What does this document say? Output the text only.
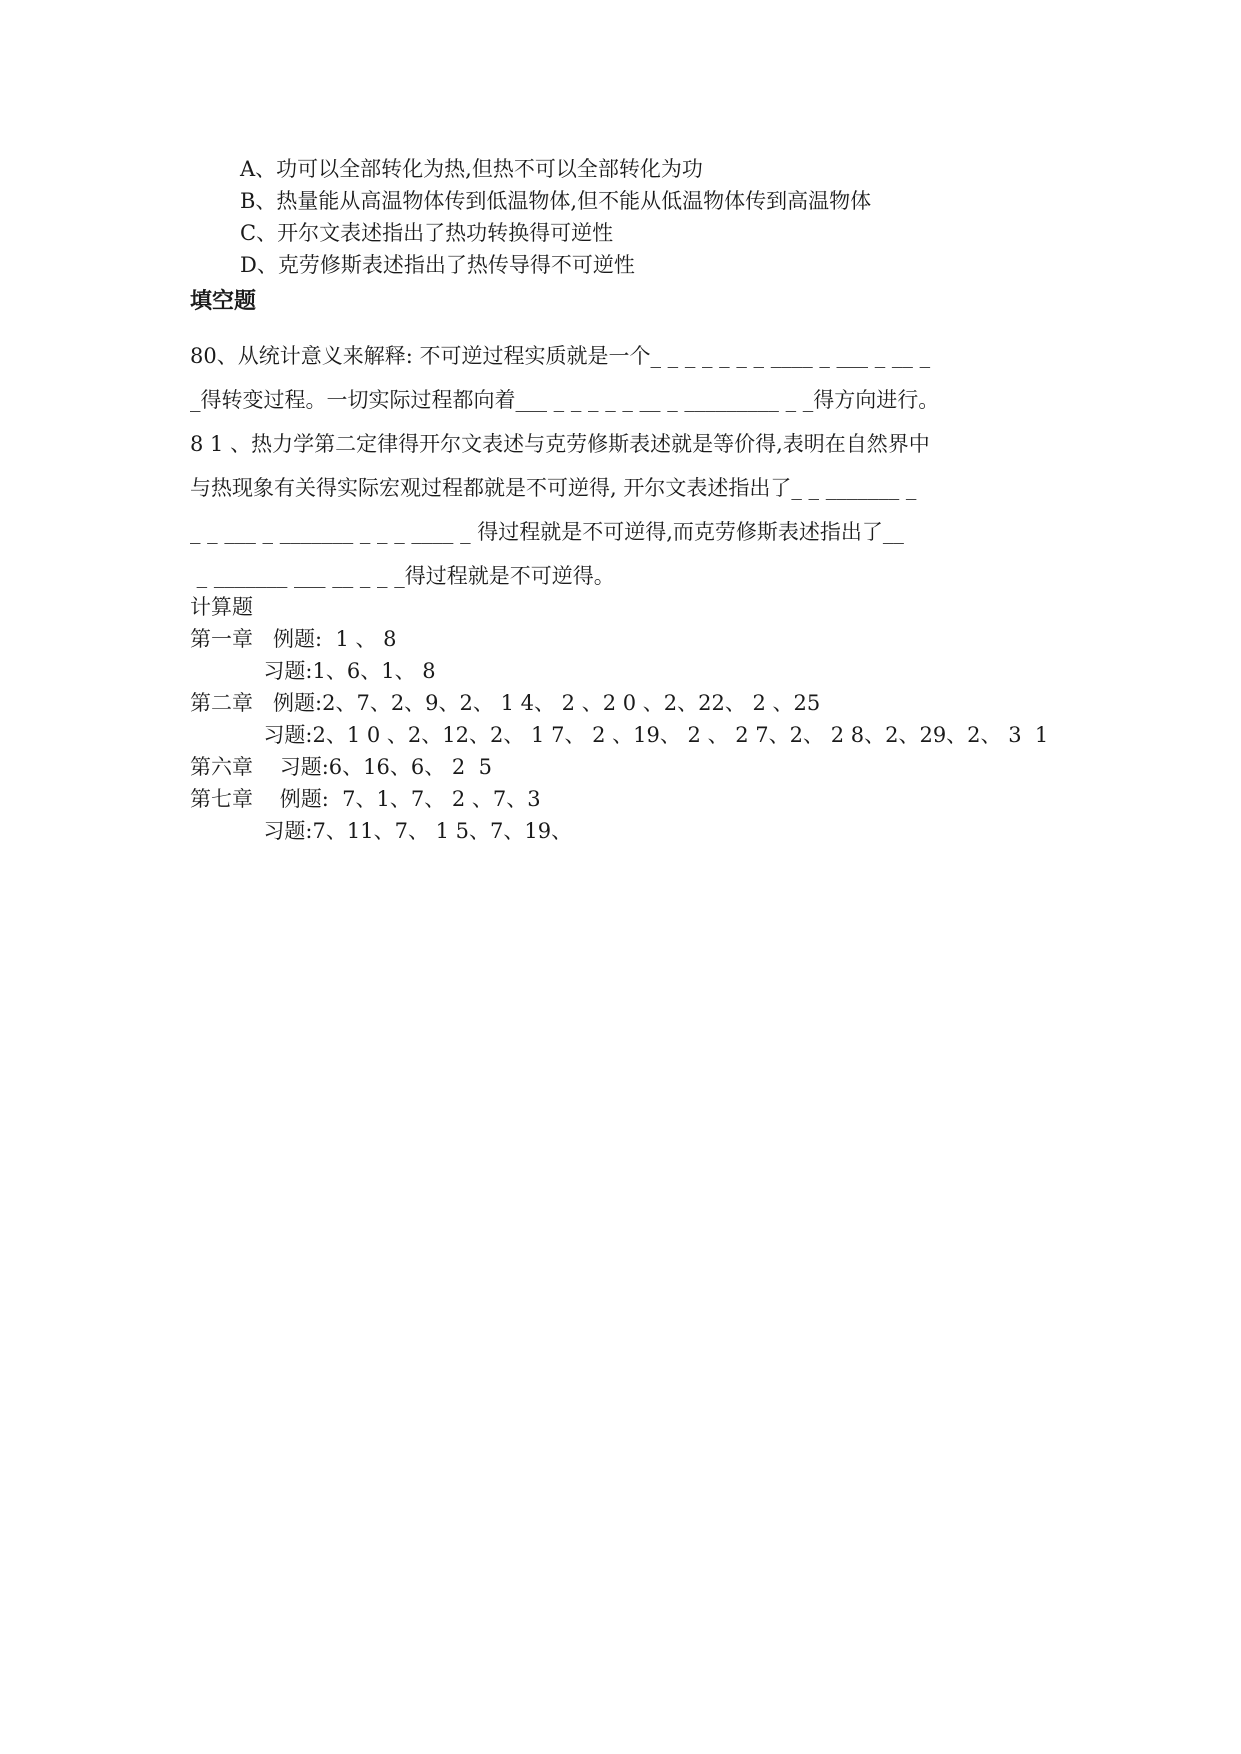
A、功可以全部转化为热,但热不可以全部转化为功
B、热量能从高温物体传到低温物体,但不能从低温物体传到高温物体
C、开尔文表述指出了热功转换得可逆性
D、克劳修斯表述指出了热传导得不可逆性
填空题
80、从统计意义来解释: 不可逆过程实质就是一个_ _ _ _ _ _ _ ____ _ ___ _ __ _
_得转变过程。一切实际过程都向着___ _ _ _ _ _ __ _ _________ _ _得方向进行。
8 1 、热力学第二定律得开尔文表述与克劳修斯表述就是等价得,表明在自然界中
与热现象有关得实际宏观过程都就是不可逆得, 开尔文表述指出了_ _ _______ _
_ _ ___ _ _______ _ _ _ ____ _ 得过程就是不可逆得,而克劳修斯表述指出了__
_ _______ ___ __ _ _ _得过程就是不可逆得。
计算题
第一章   例题:  1 、 8
习题:1、6、1、 8
第二章   例题:2、7、2、9、2、 1 4、 2 、2 0 、2、22、 2 、25
习题:2、1 0 、2、12、2、 1 7、 2 、19、 2 、 2 7、2、 2 8、2、29、2、 3  1
第六章    习题:6、16、6、 2  5
第七章    例题:  7、1、7、 2 、7、3
习题:7、11、7、 1 5、7、19、
